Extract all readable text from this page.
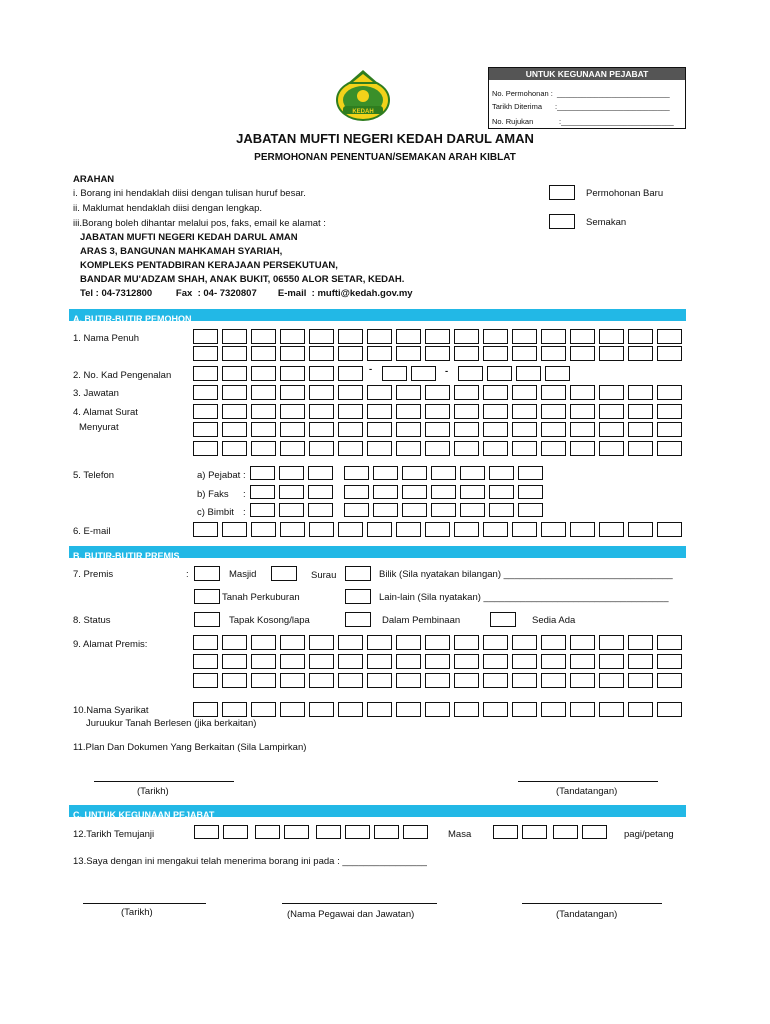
UNTUK KEGUNAAN PEJABAT
No. Permohonan : ___________________________
Tarikh Diterima :___________________________
No. Rujukan	:___________________________
KEDAH
JABATAN MUFTI NEGERI KEDAH DARUL AMAN
PERMOHONAN PENENTUAN/SEMAKAN ARAH KIBLAT
ARAHAN
i. Borang ini hendaklah diisi dengan tulisan huruf besar.
ii. Maklumat hendaklah diisi dengan lengkap.
iii.Borang boleh dihantar melalui pos, faks, email ke alamat :
JABATAN MUFTI NEGERI KEDAH DARUL AMAN
ARAS 3, BANGUNAN MAHKAMAH SYARIAH,
KOMPLEKS PENTADBIRAN KERAJAAN PERSEKUTUAN,
BANDAR MU'ADZAM SHAH, ANAK BUKIT, 06550 ALOR SETAR, KEDAH.
Tel : 04-7312800         Fax  : 04- 7320807        E-mail  : mufti@kedah.gov.my
Permohonan Baru
Semakan
A. BUTIR-BUTIR PEMOHON
1. Nama Penuh
2. No. Kad Pengenalan
-	-
3. Jawatan
4. Alamat Surat
Menyurat
5. Telefon	a) Pejabat :
b) Faks :
c) Bimbit :
6. E-mail
B. BUTIR-BUTIR PREMIS
7. Premis	:	Masjid	Surau	Bilik (Sila nyatakan bilangan) ________________________________
Tanah Perkuburan	Lain-lain (Sila nyatakan) ___________________________________
8. Status	Tapak Kosong/lapa	Dalam Pembinaan	Sedia Ada
9. Alamat Premis:
10.Nama Syarikat
Juruukur Tanah Berlesen (jika berkaitan)
11.Plan Dan Dokumen Yang Berkaitan (Sila Lampirkan)
(Tarikh)	(Tandatangan)
C. UNTUK KEGUNAAN PEJABAT
12.Tarikh Temujanji	Masa	pagi/petang
13.Saya dengan ini mengakui telah menerima borang ini pada : ________________
(Tarikh)	(Nama Pegawai dan Jawatan)	(Tandatangan)
